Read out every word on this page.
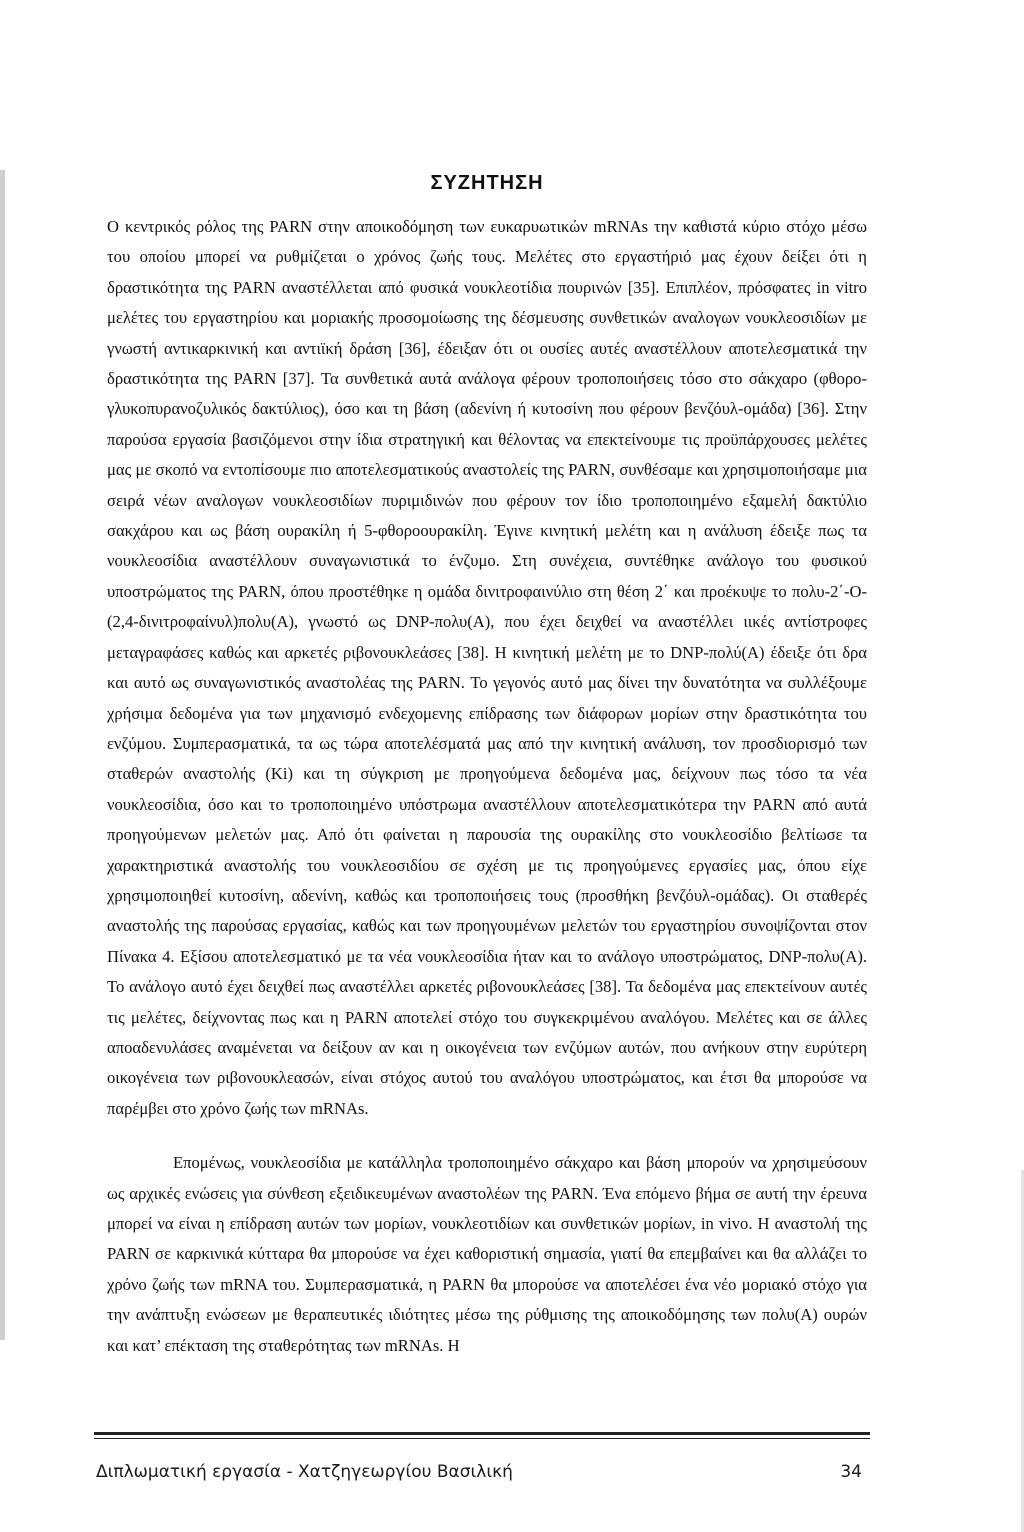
ΣΥΖΗΤΗΣΗ

Ο κεντρικός ρόλος της PARN στην αποικοδόμηση των ευκαρυωτικών mRNAs την καθιστά κύριο στόχο μέσω του οποίου μπορεί να ρυθμίζεται ο χρόνος ζωής τους. Μελέτες στο εργαστήριό μας έχουν δείξει ότι η δραστικότητα της PARN αναστέλλεται από φυσικά νουκλεοτίδια πουρινών [35]. Επιπλέον, πρόσφατες in vitro μελέτες του εργαστηρίου και μοριακής προσομοίωσης της δέσμευσης συνθετικών αναλογων νουκλεοσιδίων με γνωστή αντικαρκινική και αντιϊκή δράση [36], έδειξαν ότι οι ουσίες αυτές αναστέλλουν αποτελεσματικά την δραστικότητα της PARN [37]. Τα συνθετικά αυτά ανάλογα φέρουν τροποποιήσεις τόσο στο σάκχαρο (φθορο-γλυκοπυρανοζυλικός δακτύλιος), όσο και τη βάση (αδενίνη ή κυτοσίνη που φέρουν βενζόυλ-ομάδα) [36]. Στην παρούσα εργασία βασιζόμενοι στην ίδια στρατηγική και θέλοντας να επεκτείνουμε τις προϋπάρχουσες μελέτες μας με σκοπό να εντοπίσουμε πιο αποτελεσματικούς αναστολείς της PARN, συνθέσαμε και χρησιμοποιήσαμε μια σειρά νέων αναλογων νουκλεοσιδίων πυριμιδινών που φέρουν τον ίδιο τροποποιημένο εξαμελή δακτύλιο σακχάρου και ως βάση ουρακίλη ή 5-φθοροουρακίλη. Έγινε κινητική μελέτη και η ανάλυση έδειξε πως τα νουκλεοσίδια αναστέλλουν συναγωνιστικά το ένζυμο. Στη συνέχεια, συντέθηκε ανάλογο του φυσικού υποστρώματος της PARN, όπου προστέθηκε η ομάδα δινιτροφαινύλιο στη θέση 2΄ και προέκυψε το πολυ-2΄-O-(2,4-δινιτροφαίνυλ)πολυ(A), γνωστό ως DNP-πολυ(A), που έχει δειχθεί να αναστέλλει ιικές αντίστροφες μεταγραφάσες καθώς και αρκετές ριβονουκλεάσες [38]. Η κινητική μελέτη με το DNP-πολύ(A) έδειξε ότι δρα και αυτό ως συναγωνιστικός αναστολέας της PARN. Το γεγονός αυτό μας δίνει την δυνατότητα να συλλέξουμε χρήσιμα δεδομένα για των μηχανισμό ενδεχομενης επίδρασης των διάφορων μορίων στην δραστικότητα του ενζύμου. Συμπερασματικά, τα ως τώρα αποτελέσματά μας από την κινητική ανάλυση, τον προσδιορισμό των σταθερών αναστολής (Ki) και τη σύγκριση με προηγούμενα δεδομένα μας, δείχνουν πως τόσο τα νέα νουκλεοσίδια, όσο και το τροποποιημένο υπόστρωμα αναστέλλουν αποτελεσματικότερα την PARN από αυτά προηγούμενων μελετών μας. Από ότι φαίνεται η παρουσία της ουρακίλης στο νουκλεοσίδιο βελτίωσε τα χαρακτηριστικά αναστολής του νουκλεοσιδίου σε σχέση με τις προηγούμενες εργασίες μας, όπου είχε χρησιμοποιηθεί κυτοσίνη, αδενίνη, καθώς και τροποποιήσεις τους (προσθήκη βενζόυλ-ομάδας). Οι σταθερές αναστολής της παρούσας εργασίας, καθώς και των προηγουμένων μελετών του εργαστηρίου συνοψίζονται στον Πίνακα 4. Εξίσου αποτελεσματικό με τα νέα νουκλεοσίδια ήταν και το ανάλογο υποστρώματος, DNP-πολυ(A). Το ανάλογο αυτό έχει δειχθεί πως αναστέλλει αρκετές ριβονουκλεάσες [38]. Τα δεδομένα μας επεκτείνουν αυτές τις μελέτες, δείχνοντας πως και η PARN αποτελεί στόχο του συγκεκριμένου αναλόγου. Μελέτες και σε άλλες αποαδενυλάσες αναμένεται να δείξουν αν και η οικογένεια των ενζύμων αυτών, που ανήκουν στην ευρύτερη οικογένεια των ριβονουκλεασών, είναι στόχος αυτού του αναλόγου υποστρώματος, και έτσι θα μπορούσε να παρέμβει στο χρόνο ζωής των mRNAs.

Επομένως, νουκλεοσίδια με κατάλληλα τροποποιημένο σάκχαρο και βάση μπορούν να χρησιμεύσουν ως αρχικές ενώσεις για σύνθεση εξειδικευμένων αναστολέων της PARN. Ένα επόμενο βήμα σε αυτή την έρευνα μπορεί να είναι η επίδραση αυτών των μορίων, νουκλεοτιδίων και συνθετικών μορίων, in vivo. Η αναστολή της PARN σε καρκινικά κύτταρα θα μπορούσε να έχει καθοριστική σημασία, γιατί θα επεμβαίνει και θα αλλάζει το χρόνο ζωής των mRNA του. Συμπερασματικά, η PARN θα μπορούσε να αποτελέσει ένα νέο μοριακό στόχο για την ανάπτυξη ενώσεων με θεραπευτικές ιδιότητες μέσω της ρύθμισης της αποικοδόμησης των πολυ(A) ουρών και κατ’ επέκταση της σταθερότητας των mRNAs. Η

Διπλωματική εργασία - Χατζηγεωργίου Βασιλική	34
